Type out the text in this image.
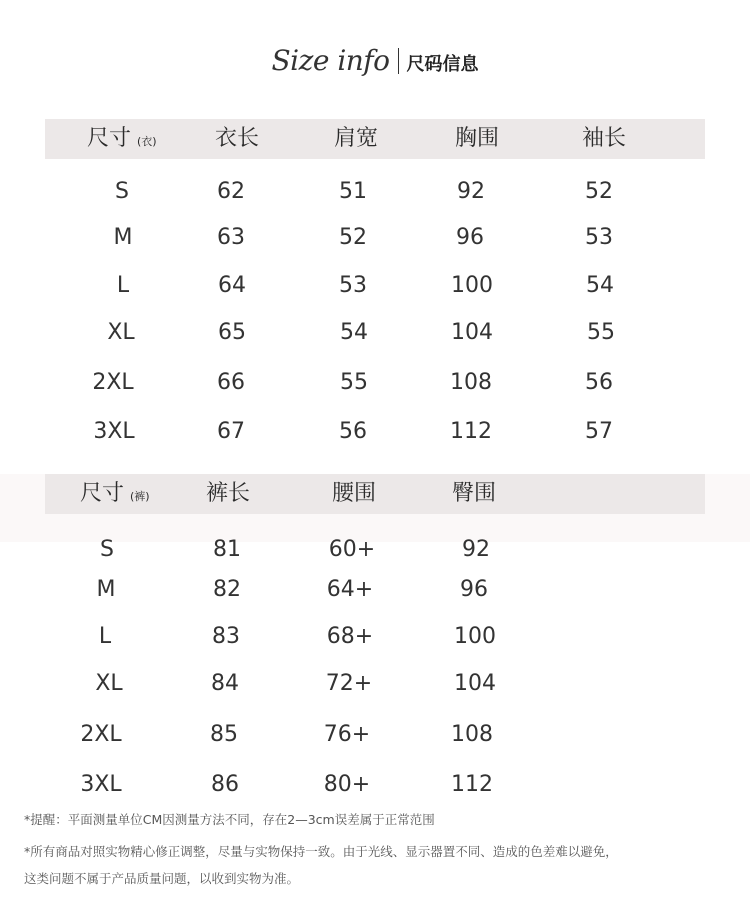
Size info 尺码信息
尺寸 (衣)	衣长	肩宽	胸围	袖长
S	62	51	92	52
M	63	52	96	53
L	64	53	100	54
XL	65	54	104	55
2XL	66	55	108	56
3XL	67	56	112	57
尺寸 (裤)	裤长	腰围	臀围
S	81	60+	92
M	82	64+	96
L	83	68+	100
XL	84	72+	104
2XL	85	76+	108
3XL	86	80+	112
*提醒：平面测量单位CM因测量方法不同，存在2—3cm误差属于正常范围
*所有商品对照实物精心修正调整，尽量与实物保持一致。由于光线、显示器置不同、造成的色差难以避免，
这类问题不属于产品质量问题，以收到实物为准。
